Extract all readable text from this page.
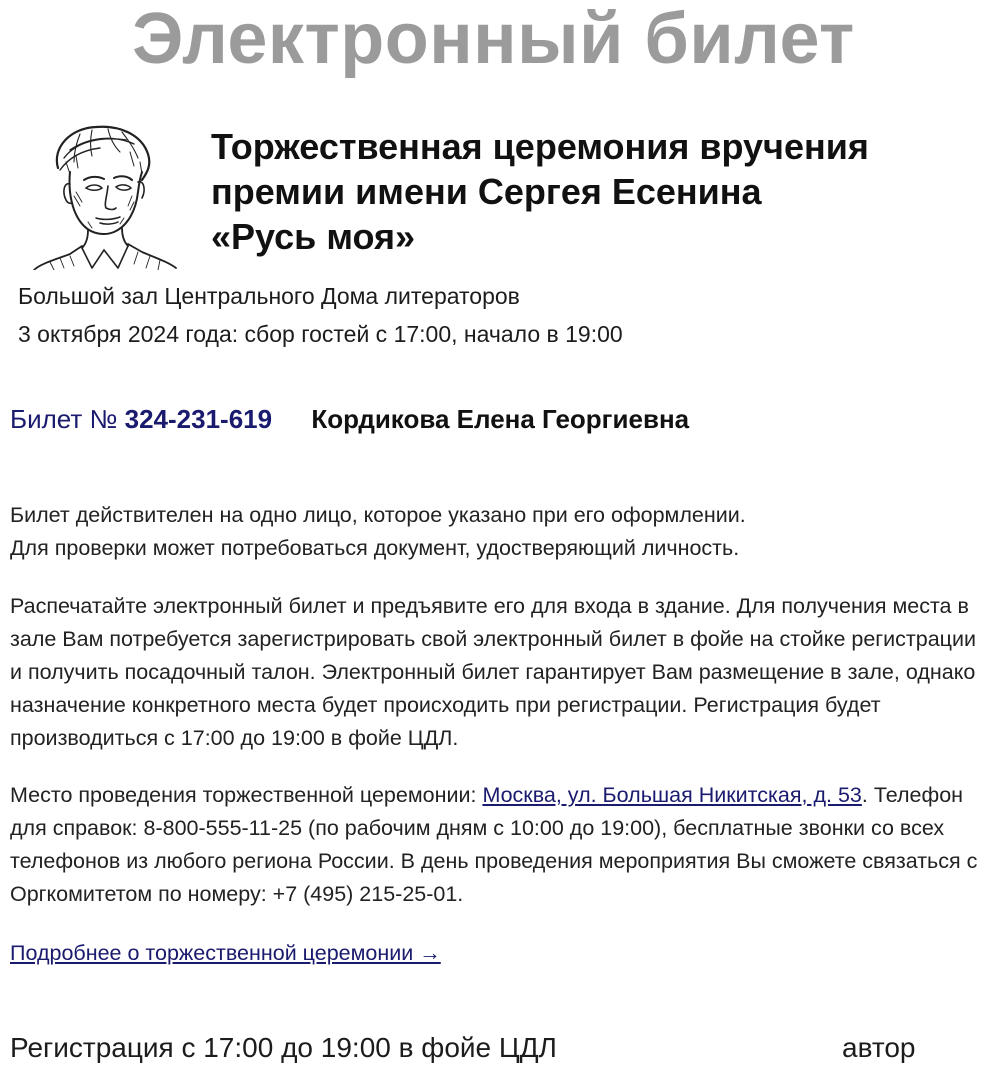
Электронный билет
Торжественная церемония вручения
премии имени Сергея Есенина
«Русь моя»
Большой зал Центрального Дома литераторов
3 октября 2024 года: сбор гостей с 17:00, начало в 19:00
Билет № 324-231-619 Кордикова Елена Георгиевна
Билет действителен на одно лицо, которое указано при его оформлении.
Для проверки может потребоваться документ, удостверяющий личность.
Распечатайте электронный билет и предъявите его для входа в здание. Для получения места в зале Вам потребуется зарегистрировать свой электронный билет в фойе на стойке регистрации и получить посадочный талон. Электронный билет гарантирует Вам размещение в зале, однако назначение конкретного места будет происходить при регистрации. Регистрация будет производиться с 17:00 до 19:00 в фойе ЦДЛ.
Место проведения торжественной церемонии: Москва, ул. Большая Никитская, д. 53. Телефон для справок: 8-800-555-11-25 (по рабочим дням с 10:00 до 19:00), бесплатные звонки со всех телефонов из любого региона России. В день проведения мероприятия Вы сможете связаться с Оргкомитетом по номеру: +7 (495) 215-25-01.
Подробнее о торжественной церемонии →
Регистрация с 17:00 до 19:00 в фойе ЦДЛ	автор
